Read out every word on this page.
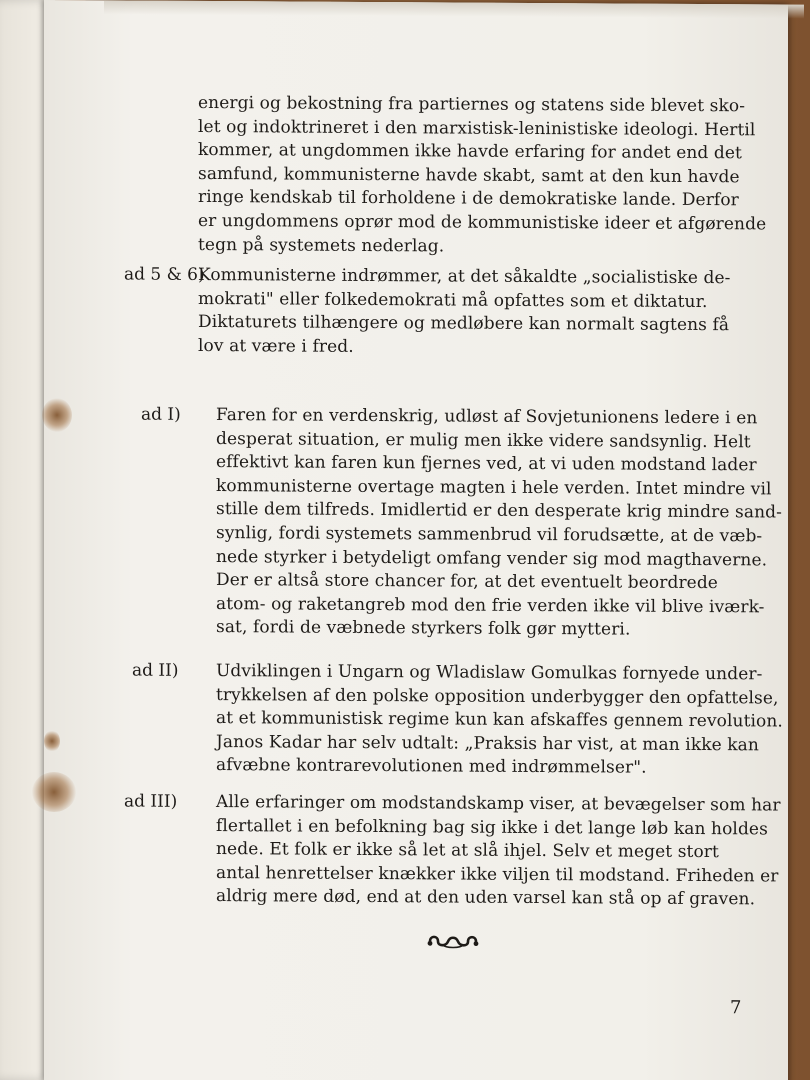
energi og bekostning fra partiernes og statens side blevet sko-
let og indoktrineret i den marxistisk-leninistiske ideologi. Hertil
kommer, at ungdommen ikke havde erfaring for andet end det
samfund, kommunisterne havde skabt, samt at den kun havde
ringe kendskab til forholdene i de demokratiske lande. Derfor
er ungdommens oprør mod de kommunistiske ideer et afgørende
tegn på systemets nederlag.
ad 5 & 6)
Kommunisterne indrømmer, at det såkaldte „socialistiske de-
mokrati" eller folkedemokrati må opfattes som et diktatur.
Diktaturets tilhængere og medløbere kan normalt sagtens få
lov at være i fred.
ad I) Faren for en verdenskrig, udløst af Sovjetunionens ledere i en
desperat situation, er mulig men ikke videre sandsynlig. Helt
effektivt kan faren kun fjernes ved, at vi uden modstand lader
kommunisterne overtage magten i hele verden. Intet mindre vil
stille dem tilfreds. Imidlertid er den desperate krig mindre sand-
synlig, fordi systemets sammenbrud vil forudsætte, at de væb-
nede styrker i betydeligt omfang vender sig mod magthaverne.
Der er altså store chancer for, at det eventuelt beordrede
atom- og raketangreb mod den frie verden ikke vil blive iværk-
sat, fordi de væbnede styrkers folk gør mytteri.
ad II) Udviklingen i Ungarn og Wladislaw Gomulkas fornyede under-
trykkelsen af den polske opposition underbygger den opfattelse,
at et kommunistisk regime kun kan afskaffes gennem revolution.
Janos Kadar har selv udtalt: „Praksis har vist, at man ikke kan
afvæbne kontrarevolutionen med indrømmelser".
ad III) Alle erfaringer om modstandskamp viser, at bevægelser som har
flertallet i en befolkning bag sig ikke i det lange løb kan holdes
nede. Et folk er ikke så let at slå ihjel. Selv et meget stort
antal henrettelser knækker ikke viljen til modstand. Friheden er
aldrig mere død, end at den uden varsel kan stå op af graven.
7
